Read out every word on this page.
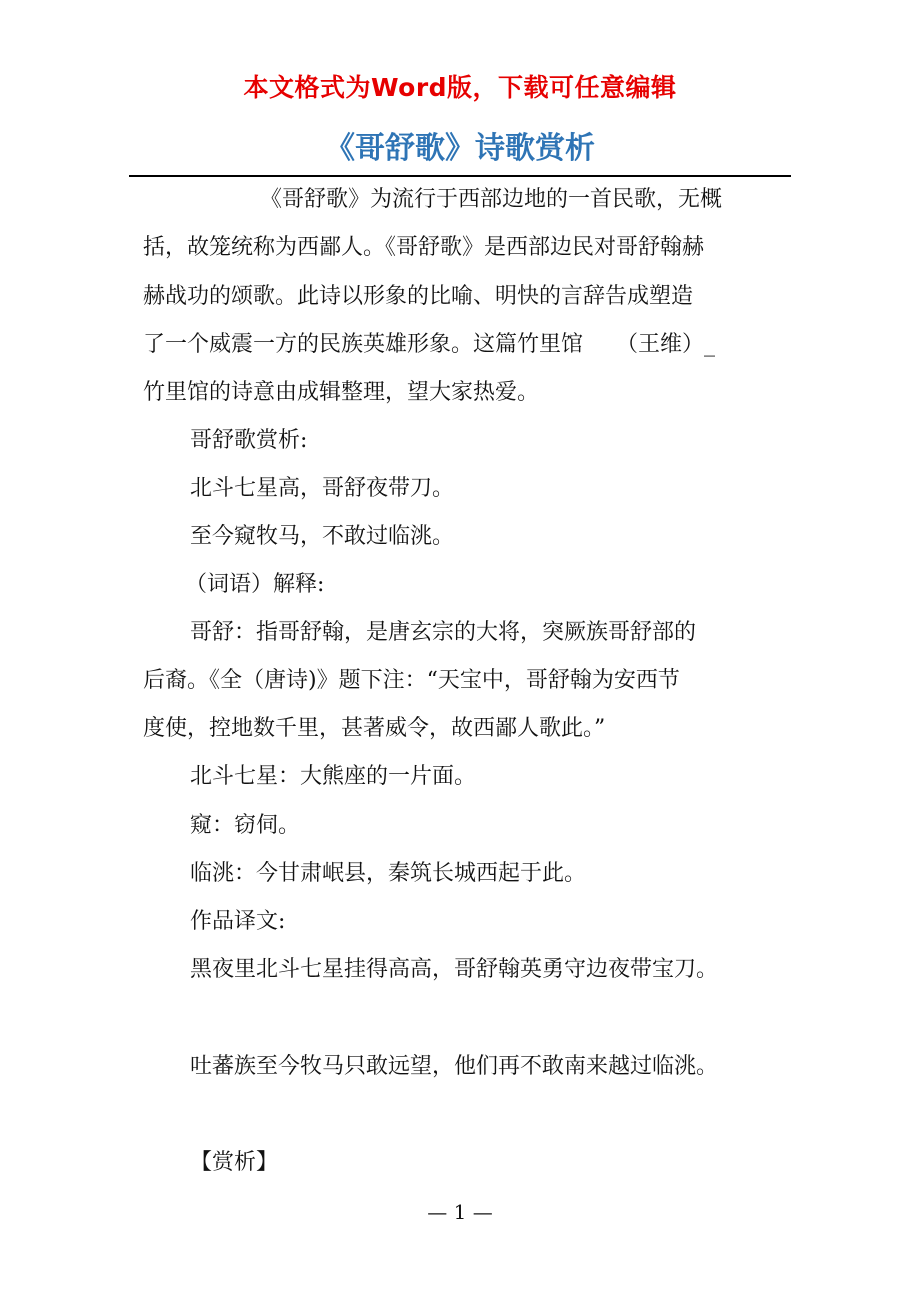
本文格式为Word版，下载可任意编辑
《哥舒歌》诗歌赏析
《哥舒歌》为流行于西部边地的一首民歌，无概
括，故笼统称为西鄙人。《哥舒歌》是西部边民对哥舒翰赫
赫战功的颂歌。此诗以形象的比喻、明快的言辞告成塑造
了一个威震一方的民族英雄形象。这篇竹里馆　　（王维）_
竹里馆的诗意由成辑整理，望大家热爱。
哥舒歌赏析:
北斗七星高，哥舒夜带刀。
至今窥牧马，不敢过临洮。
（词语）解释:
哥舒：指哥舒翰，是唐玄宗的大将，突厥族哥舒部的
后裔。《全（唐诗)》题下注：“天宝中，哥舒翰为安西节
度使，控地数千里，甚著威令，故西鄙人歌此。”
北斗七星：大熊座的一片面。
窥：窃伺。
临洮：今甘肃岷县，秦筑长城西起于此。
作品译文:
黑夜里北斗七星挂得高高，哥舒翰英勇守边夜带宝刀。
吐蕃族至今牧马只敢远望，他们再不敢南来越过临洮。
【赏析】
— 1 —
